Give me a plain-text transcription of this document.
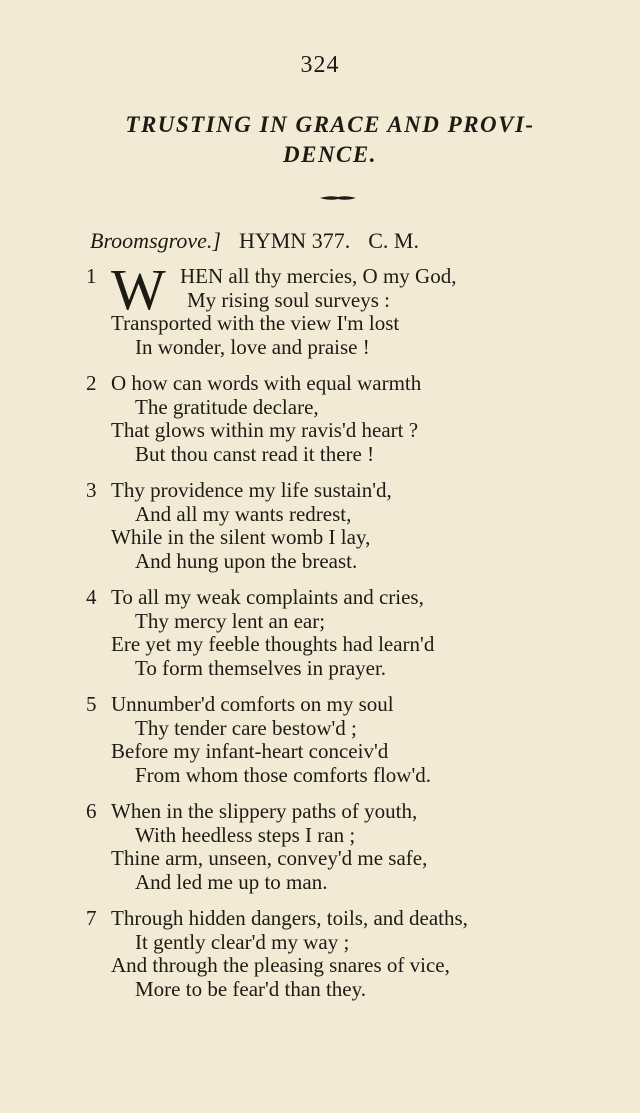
324
TRUSTING IN GRACE AND PROVI-
DENCE.
Broomsgrove.] HYMN 377. C. M.
1 W HEN all thy mercies, O my God,
My rising soul surveys :
Transported with the view I'm lost
In wonder, love and praise !
2 O how can words with equal warmth
The gratitude declare,
That glows within my ravis'd heart ?
But thou canst read it there !
3 Thy providence my life sustain'd,
And all my wants redrest,
While in the silent womb I lay,
And hung upon the breast.
4 To all my weak complaints and cries,
Thy mercy lent an ear;
Ere yet my feeble thoughts had learn'd
To form themselves in prayer.
5 Unnumber'd comforts on my soul
Thy tender care bestow'd ;
Before my infant-heart conceiv'd
From whom those comforts flow'd.
6 When in the slippery paths of youth,
With heedless steps I ran ;
Thine arm, unseen, convey'd me safe,
And led me up to man.
7 Through hidden dangers, toils, and deaths,
It gently clear'd my way ;
And through the pleasing snares of vice,
More to be fear'd than they.
